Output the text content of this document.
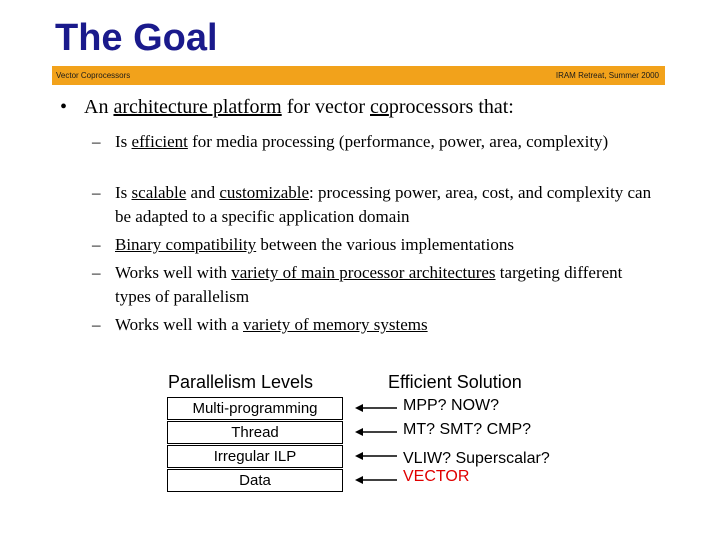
The Goal
Vector Coprocessors	IRAM Retreat, Summer 2000
• An architecture platform for vector coprocessors that:
– Is efficient for media processing (performance, power, area, complexity)
– Is scalable and customizable: processing power, area, cost, and complexity can be adapted to a specific application domain
– Binary compatibility between the various implementations
– Works well with variety of main processor architectures targeting different types of parallelism
– Works well with a variety of memory systems
Parallelism Levels	Efficient Solution
Multi-programming
Thread
Irregular ILP
Data
MPP? NOW?
MT? SMT? CMP?
VLIW? Superscalar?
VECTOR
